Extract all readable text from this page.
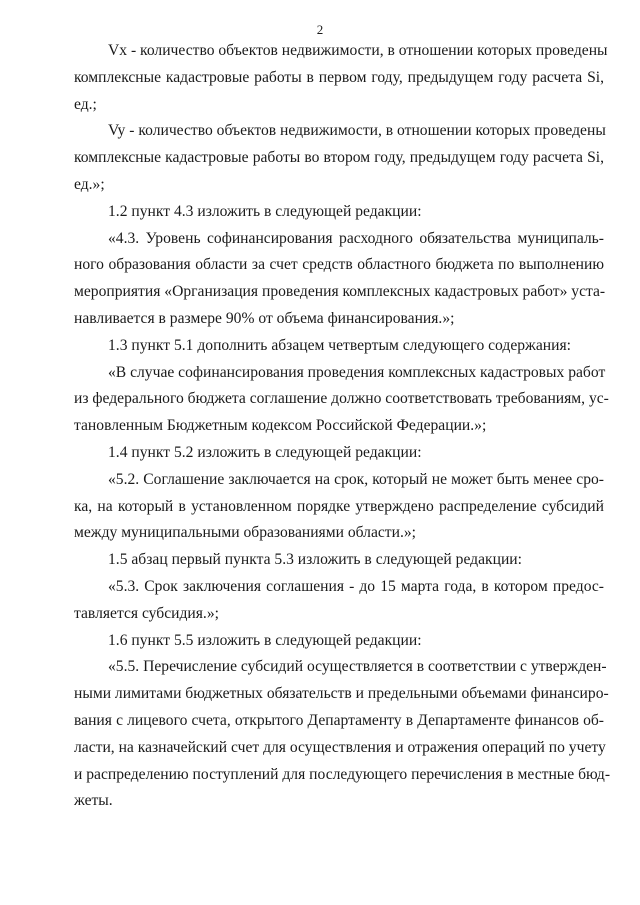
2
Vx - количество объектов недвижимости, в отношении которых проведены
комплексные кадастровые работы в первом году, предыдущем году расчета Si,
ед.;
Vy - количество объектов недвижимости, в отношении которых проведены
комплексные кадастровые работы во втором году, предыдущем году расчета Si,
ед.»;
1.2 пункт 4.3 изложить в следующей редакции:
«4.3. Уровень софинансирования расходного обязательства муниципаль-
ного образования области за счет средств областного бюджета по выполнению
мероприятия «Организация проведения комплексных кадастровых работ» уста-
навливается в размере 90% от объема финансирования.»;
1.3 пункт 5.1 дополнить абзацем четвертым следующего содержания:
«В случае софинансирования проведения комплексных кадастровых работ
из федерального бюджета соглашение должно соответствовать требованиям, ус-
тановленным Бюджетным кодексом Российской Федерации.»;
1.4 пункт 5.2 изложить в следующей редакции:
«5.2. Соглашение заключается на срок, который не может быть менее сро-
ка, на который в установленном порядке утверждено распределение субсидий
между муниципальными образованиями области.»;
1.5 абзац первый пункта 5.3 изложить в следующей редакции:
«5.3. Срок заключения соглашения - до 15 марта года, в котором предос-
тавляется субсидия.»;
1.6 пункт 5.5 изложить в следующей редакции:
«5.5. Перечисление субсидий осуществляется в соответствии с утвержден-
ными лимитами бюджетных обязательств и предельными объемами финансиро-
вания с лицевого счета, открытого Департаменту в Департаменте финансов об-
ласти, на казначейский счет для осуществления и отражения операций по учету
и распределению поступлений для последующего перечисления в местные бюд-
жеты.
